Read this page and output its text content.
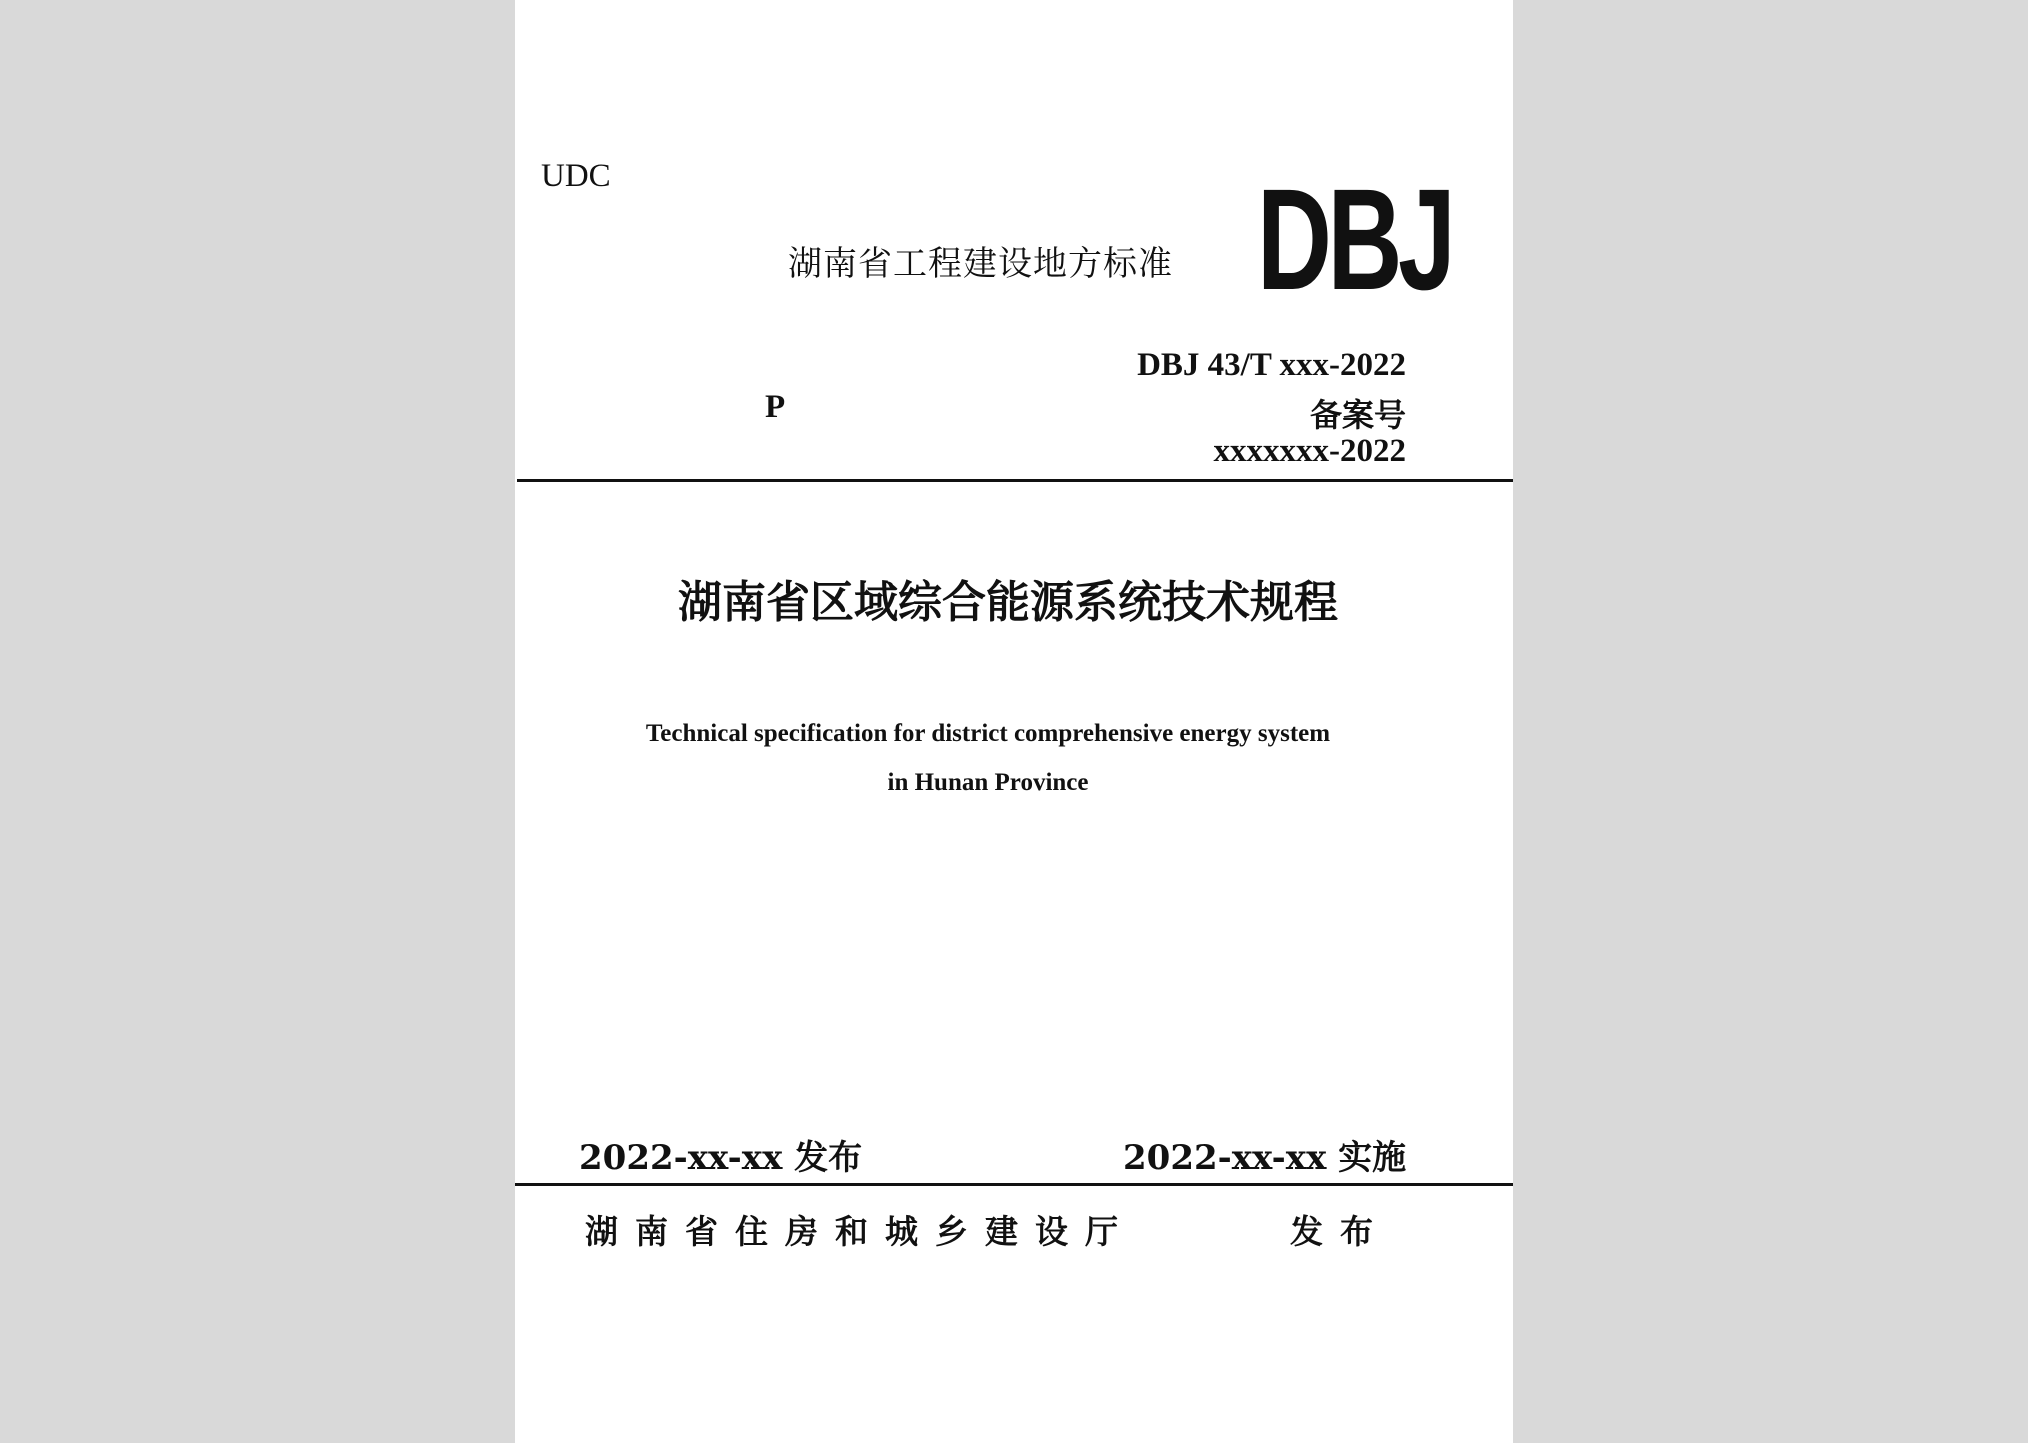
UDC
湖南省工程建设地方标准 DBJ
DBJ 43/T xxx-2022
P	备案号
xxxxxxx-2022
湖南省区域综合能源系统技术规程
Technical specification for district comprehensive energy system
in Hunan Province
2022-xx-xx 发布	2022-xx-xx 实施
湖南省住房和城乡建设厅	发布
